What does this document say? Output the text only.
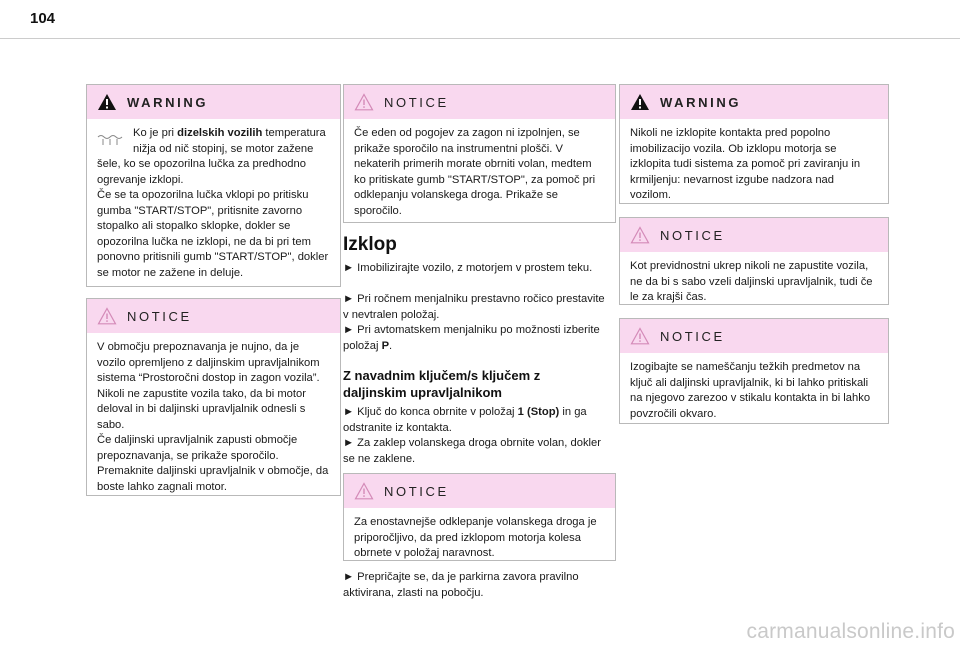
104
WARNING

Ko je pri dizelskih vozilih temperatura
nižja od nič stopinj, se motor zažene

šele, ko se opozorilna lučka za predhodno ogrevanje izklopi.

Če se ta opozorilna lučka vklopi po pritisku gumba "START/STOP", pritisnite zavorno stopalko ali stopalko sklopke, dokler se opozorilna lučka ne izklopi, ne da bi pri tem ponovno pritisnili gumb "START/STOP", dokler se motor ne zažene in deluje.

NOTICE

V območju prepoznavanja je nujno, da je vozilo opremljeno z daljinskim upravljalnikom sistema “Prostoročni dostop in zagon vozila”. Nikoli ne zapustite vozila tako, da bi motor deloval in bi daljinski upravljalnik odnesli s sabo.

Če daljinski upravljalnik zapusti območje prepoznavanja, se prikaže sporočilo. Premaknite daljinski upravljalnik v območje, da boste lahko zagnali motor.

NOTICE

Če eden od pogojev za zagon ni izpolnjen, se prikaže sporočilo na instrumentni plošči. V nekaterih primerih morate obrniti volan, medtem ko pritiskate gumb "START/STOP", za pomoč pri odklepanju volanskega droga. Prikaže se sporočilo.

Izklop

► Imobilizirajte vozilo, z motorjem v prostem teku.

► Pri ročnem menjalniku prestavno ročico prestavite v nevtralen položaj.

► Pri avtomatskem menjalniku po možnosti izberite položaj P.

Z navadnim ključem/s ključem z daljinskim upravljalnikom

► Ključ do konca obrnite v položaj 1 (Stop) in ga odstranite iz kontakta.

► Za zaklep volanskega droga obrnite volan, dokler se ne zaklene.

NOTICE

Za enostavnejše odklepanje volanskega droga je priporočljivo, da pred izklopom motorja kolesa obrnete v položaj naravnost.

► Prepričajte se, da je parkirna zavora pravilno aktivirana, zlasti na pobočju.

WARNING

Nikoli ne izklopite kontakta pred popolno imobilizacijo vozila. Ob izklopu motorja se izklopita tudi sistema za pomoč pri zaviranju in krmiljenju: nevarnost izgube nadzora nad vozilom.

NOTICE

Kot previdnostni ukrep nikoli ne zapustite vozila, ne da bi s sabo vzeli daljinski upravljalnik, tudi če le za krajši čas.

NOTICE

Izogibajte se nameščanju težkih predmetov na ključ ali daljinski upravljalnik, ki bi lahko pritiskali na njegovo zarezoo v stikalu kontakta in bi lahko povzročili okvaro.

carmanualsonline.info
